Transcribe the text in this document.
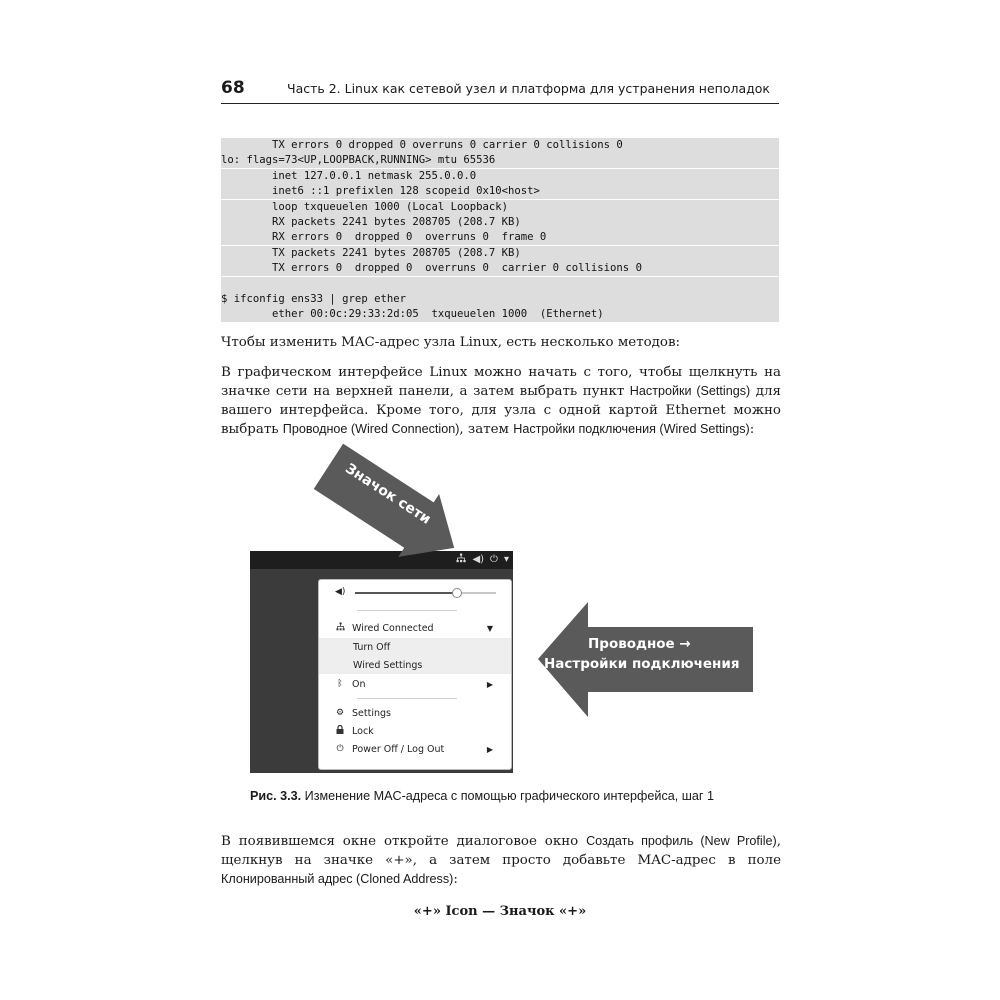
68	Часть 2. Linux как сетевой узел и платформа для устранения неполадок
TX errors 0 dropped 0 overruns 0 carrier 0 collisions 0
lo: flags=73<UP,LOOPBACK,RUNNING> mtu 65536
inet 127.0.0.1 netmask 255.0.0.0
inet6 ::1 prefixlen 128 scopeid 0x10<host>
loop txqueuelen 1000 (Local Loopback)
RX packets 2241 bytes 208705 (208.7 KB)
RX errors 0  dropped 0  overruns 0  frame 0
TX packets 2241 bytes 208705 (208.7 KB)
TX errors 0  dropped 0  overruns 0  carrier 0 collisions 0
$ ifconfig ens33 | grep ether
ether 00:0c:29:33:2d:05  txqueuelen 1000  (Ethernet)
Чтобы изменить MAC-адрес узла Linux, есть несколько методов:
В графическом интерфейсе Linux можно начать с того, чтобы щелкнуть на значке сети на верхней панели, а затем выбрать пункт Настройки (Settings) для вашего интерфейса. Кроме того, для узла с одной картой Ethernet можно выбрать Проводное (Wired Connection), затем Настройки подключения (Wired Settings):
◀) ⏻ ▾
◀)
Wired Connected	▼
Turn Off
Wired Settings
ᛒ On	▶
⚙ Settings
Lock
⏻ Power Off / Log Out	▶
Значок сети
Проводное →
Настройки подключения
Рис. 3.3. Изменение MAC-адреса с помощью графического интерфейса, шаг 1
В появившемся окне откройте диалоговое окно Создать профиль (New Profile), щелкнув на значке «+», а затем просто добавьте MAC-адрес в поле Клонированный адрес (Cloned Address):
«+» Icon — Значок «+»
